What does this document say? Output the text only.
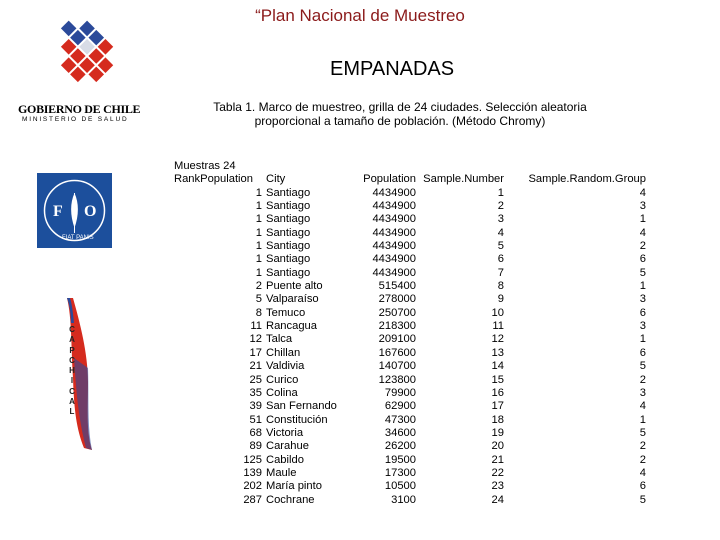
“Plan Nacional de Muestreo
EMPANADAS
GOBIERNO DE CHILE
MINISTERIO DE SALUD
Tabla 1. Marco de muestreo, grilla de 24 ciudades. Selección aleatoria
proporcional a tamaño de población. (Método Chromy)
F O
FIAT PANIS
C
A
P
C
H
I
C
A
L
Muestras 24				
RankPopulation	City	Population	Sample.Number	Sample.Random.Group
1	Santiago	4434900	1	4
1	Santiago	4434900	2	3
1	Santiago	4434900	3	1
1	Santiago	4434900	4	4
1	Santiago	4434900	5	2
1	Santiago	4434900	6	6
1	Santiago	4434900	7	5
2	Puente alto	515400	8	1
5	Valparaíso	278000	9	3
8	Temuco	250700	10	6
11	Rancagua	218300	11	3
12	Talca	209100	12	1
17	Chillan	167600	13	6
21	Valdivia	140700	14	5
25	Curico	123800	15	2
35	Colina	79900	16	3
39	San Fernando	62900	17	4
51	Constitución	47300	18	1
68	Victoria	34600	19	5
89	Carahue	26200	20	2
125	Cabildo	19500	21	2
139	Maule	17300	22	4
202	María pinto	10500	23	6
287	Cochrane	3100	24	5
